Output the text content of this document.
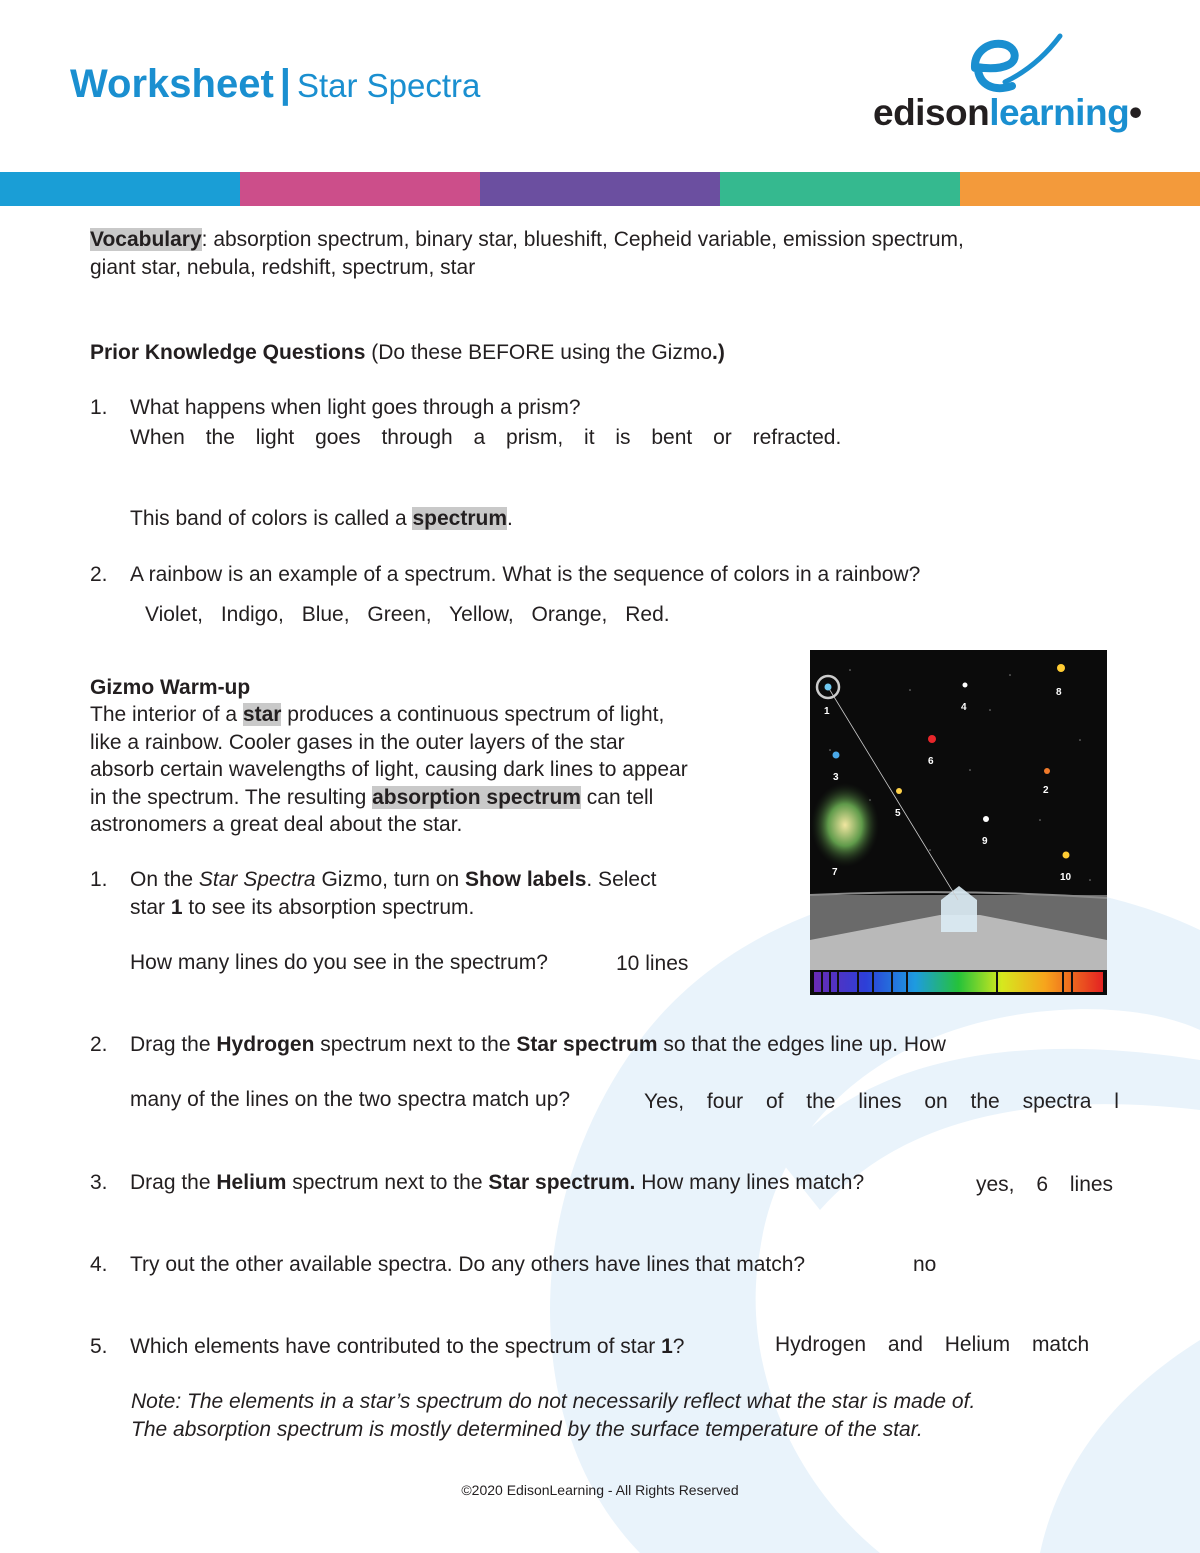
Worksheet | Star Spectra
edisonlearning•
Vocabulary: absorption spectrum, binary star, blueshift, Cepheid variable, emission spectrum,
giant star, nebula, redshift, spectrum, star
Prior Knowledge Questions (Do these BEFORE using the Gizmo.)
1. What happens when light goes through a prism?
When the light goes through a prism, it is bent or refracted.
This band of colors is called a spectrum.
2. A rainbow is an example of a spectrum. What is the sequence of colors in a rainbow?
Violet, Indigo, Blue, Green, Yellow, Orange, Red.
Gizmo Warm-up
The interior of a star produces a continuous spectrum of light,
like a rainbow. Cooler gases in the outer layers of the star
absorb certain wavelengths of light, causing dark lines to appear
in the spectrum. The resulting absorption spectrum can tell
astronomers a great deal about the star.
1. On the Star Spectra Gizmo, turn on Show labels. Select
star 1 to see its absorption spectrum.
How many lines do you see in the spectrum?	10 lines
1
2
3
4
5
6
7
8
9
10
2. Drag the Hydrogen spectrum next to the Star spectrum so that the edges line up. How
many of the lines on the two spectra match up?	Yes, four of the lines on the spectra l
3. Drag the Helium spectrum next to the Star spectrum. How many lines match?	yes, 6 lines
4. Try out the other available spectra. Do any others have lines that match?	no
5. Which elements have contributed to the spectrum of star 1?	Hydrogen and Helium match
Note: The elements in a star’s spectrum do not necessarily reflect what the star is made of.
The absorption spectrum is mostly determined by the surface temperature of the star.
©2020 EdisonLearning - All Rights Reserved
